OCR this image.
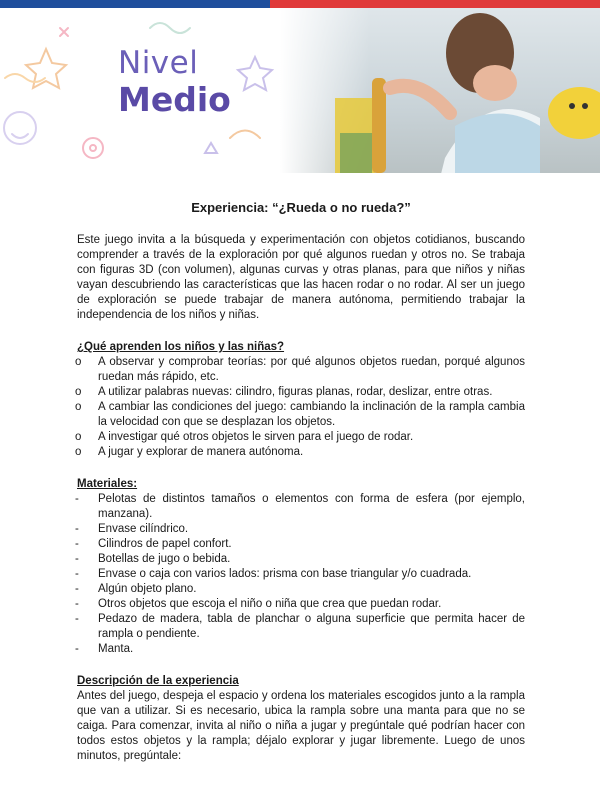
Nivel
Medio
Experiencia: “¿Rueda o no rueda?”

Este juego invita a la búsqueda y experimentación con objetos cotidianos, buscando comprender a través de la exploración por qué algunos ruedan y otros no. Se trabaja con figuras 3D (con volumen), algunas curvas y otras planas, para que niños y niñas vayan descubriendo las características que las hacen rodar o no rodar. Al ser un juego de exploración se puede trabajar de manera autónoma, permitiendo trabajar la independencia de los niños y niñas.

¿Qué aprenden los niños y las niñas?
o	A observar y comprobar teorías: por qué algunos objetos ruedan, porqué algunos ruedan más rápido, etc.
o	A utilizar palabras nuevas: cilindro, figuras planas, rodar, deslizar, entre otras.
o	A cambiar las condiciones del juego: cambiando la inclinación de la rampla cambia la velocidad con que se desplazan los objetos.
o	A investigar qué otros objetos le sirven para el juego de rodar.
o	A jugar y explorar de manera autónoma.
Materiales:
-	Pelotas de distintos tamaños o elementos con forma de esfera (por ejemplo, manzana).
-	Envase cilíndrico.
-	Cilindros de papel confort.
-	Botellas de jugo o bebida.
-	Envase o caja con varios lados: prisma con base triangular y/o cuadrada.
-	Algún objeto plano.
-	Otros objetos que escoja el niño o niña que crea que puedan rodar.
-	Pedazo de madera, tabla de planchar o alguna superficie que permita hacer de rampla o pendiente.
-	Manta.
Descripción de la experiencia

Antes del juego, despeja el espacio y ordena los materiales escogidos junto a la rampla que van a utilizar. Si es necesario, ubica la rampla sobre una manta para que no se caiga. Para comenzar, invita al niño o niña a jugar y pregúntale qué podrían hacer con todos estos objetos y la rampla; déjalo explorar y jugar libremente. Luego de unos minutos, pregúntale:
